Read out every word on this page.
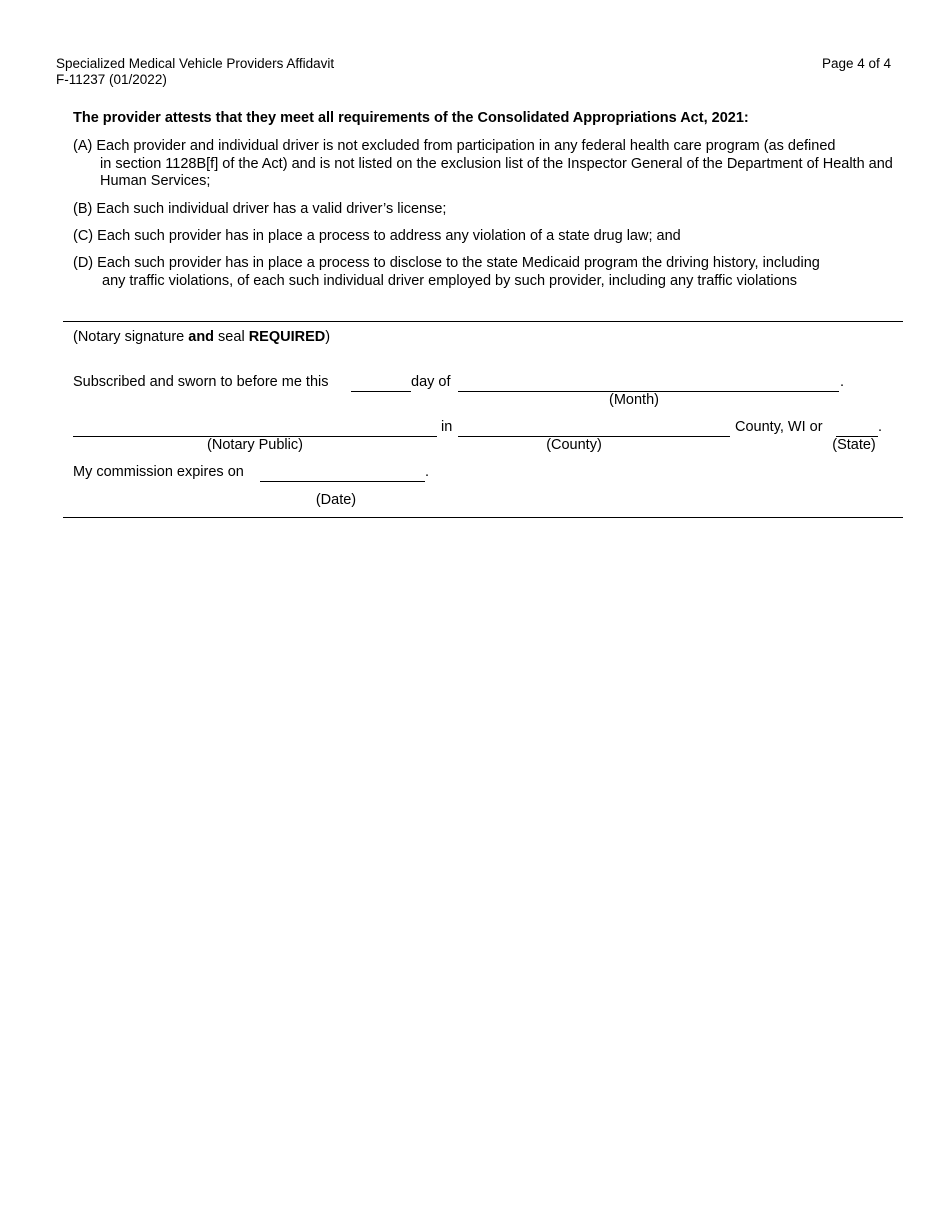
Specialized Medical Vehicle Providers Affidavit
F-11237 (01/2022)
Page 4 of 4
The provider attests that they meet all requirements of the Consolidated Appropriations Act, 2021:
(A) Each provider and individual driver is not excluded from participation in any federal health care program (as defined
in section 1128B[f] of the Act) and is not listed on the exclusion list of the Inspector General of the Department of Health and Human Services;
(B) Each such individual driver has a valid driver’s license;
(C) Each such provider has in place a process to address any violation of a state drug law; and
(D) Each such provider has in place a process to disclose to the state Medicaid program the driving history, including
any traffic violations, of each such individual driver employed by such provider, including any traffic violations
(Notary signature and seal REQUIRED)
Subscribed and sworn to before me this	day of	.
(Month)
in	County, WI or	.
(Notary Public)	(County)	(State)
My commission expires on	.
(Date)
